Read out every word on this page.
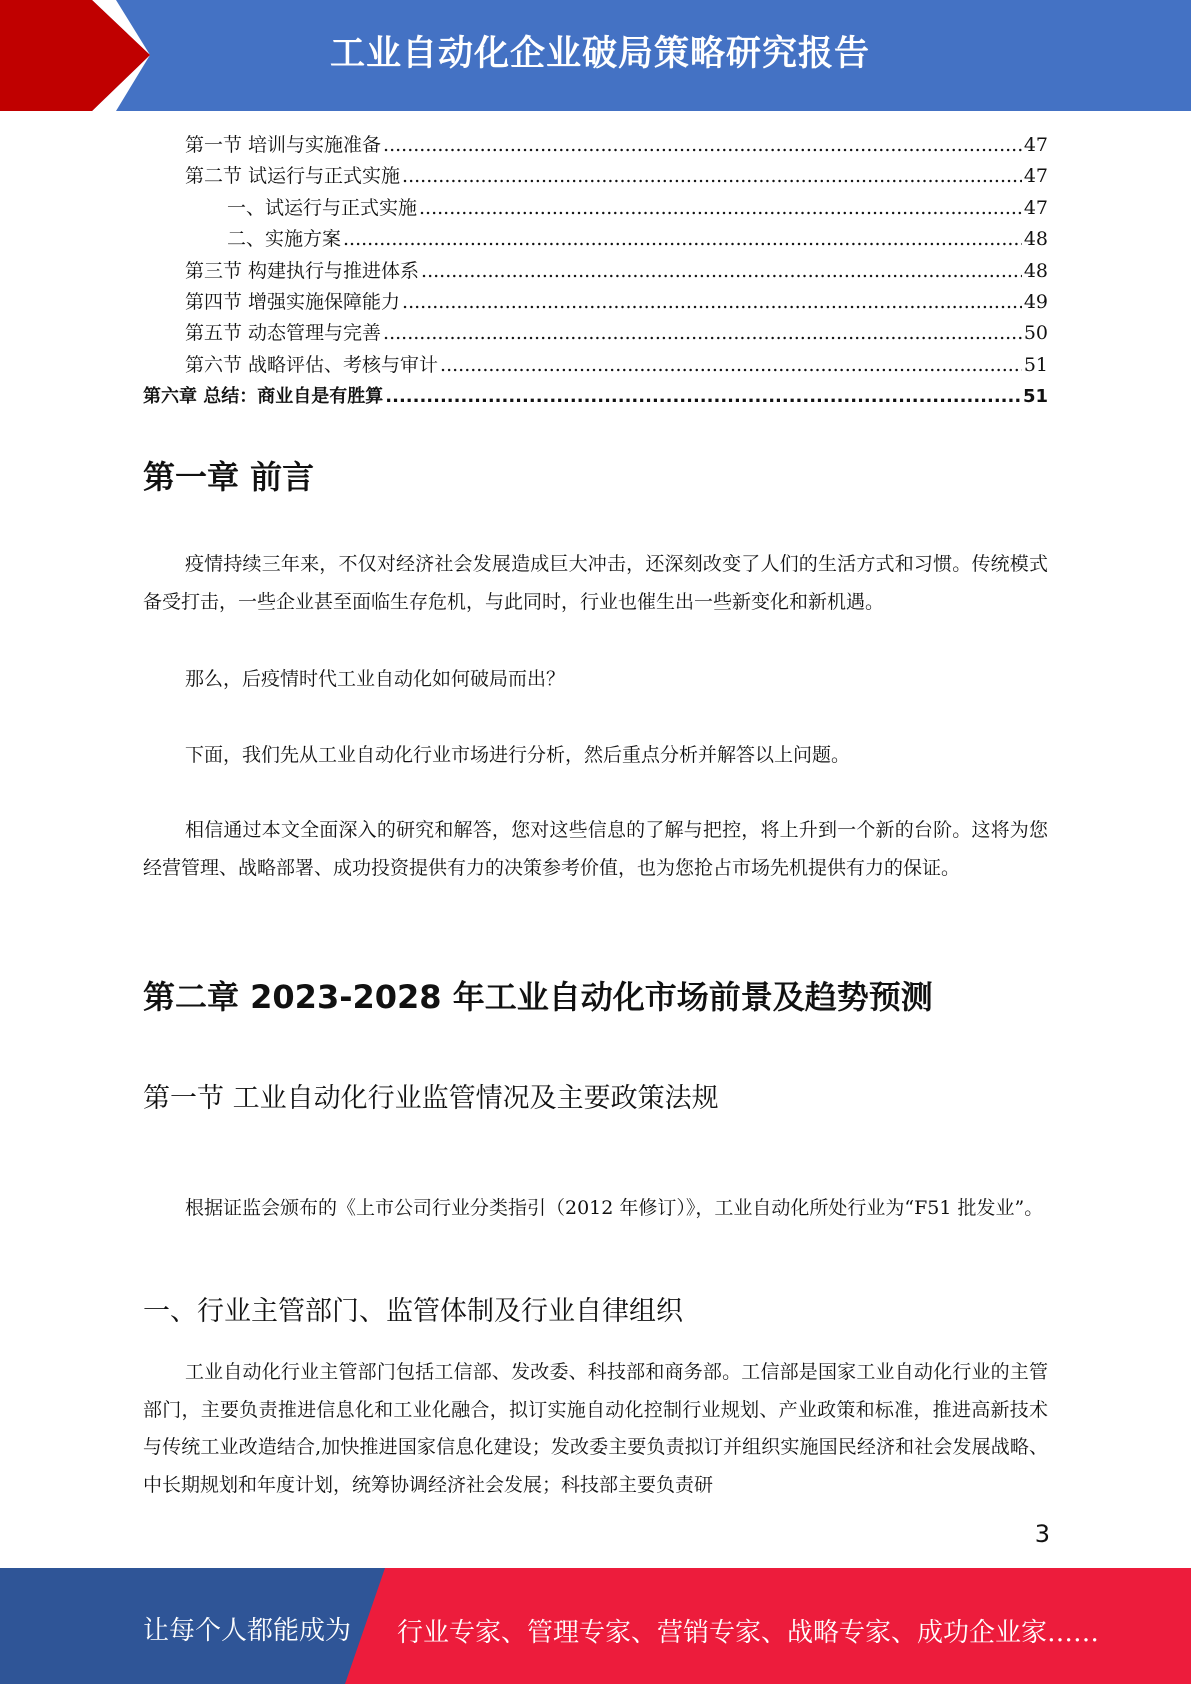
工业自动化企业破局策略研究报告
第一节 培训与实施准备 .....	47
第二节 试运行与正式实施 .....	47
一、试运行与正式实施 .....	47
二、实施方案 .....	48
第三节 构建执行与推进体系 .....	48
第四节 增强实施保障能力 .....	49
第五节 动态管理与完善 .....	50
第六节 战略评估、考核与审计 .....	51
第六章 总结：商业自是有胜算 .....	51
第一章 前言
疫情持续三年来，不仅对经济社会发展造成巨大冲击，还深刻改变了人们的生活方式和习惯。传统模式备受打击，一些企业甚至面临生存危机，与此同时，行业也催生出一些新变化和新机遇。
那么，后疫情时代工业自动化如何破局而出？
下面，我们先从工业自动化行业市场进行分析，然后重点分析并解答以上问题。
相信通过本文全面深入的研究和解答，您对这些信息的了解与把控，将上升到一个新的台阶。这将为您经营管理、战略部署、成功投资提供有力的决策参考价值，也为您抢占市场先机提供有力的保证。
第二章 2023-2028 年工业自动化市场前景及趋势预测
第一节 工业自动化行业监管情况及主要政策法规
根据证监会颁布的《上市公司行业分类指引（2012 年修订）》，工业自动化所处行业为“F51 批发业”。
一、行业主管部门、监管体制及行业自律组织
工业自动化行业主管部门包括工信部、发改委、科技部和商务部。工信部是国家工业自动化行业的主管部门，主要负责推进信息化和工业化融合，拟订实施自动化控制行业规划、产业政策和标准，推进高新技术与传统工业改造结合,加快推进国家信息化建设；发改委主要负责拟订并组织实施国民经济和社会发展战略、中长期规划和年度计划，统筹协调经济社会发展；科技部主要负责研
3
让每个人都能成为 行业专家、管理专家、营销专家、战略专家、成功企业家……
